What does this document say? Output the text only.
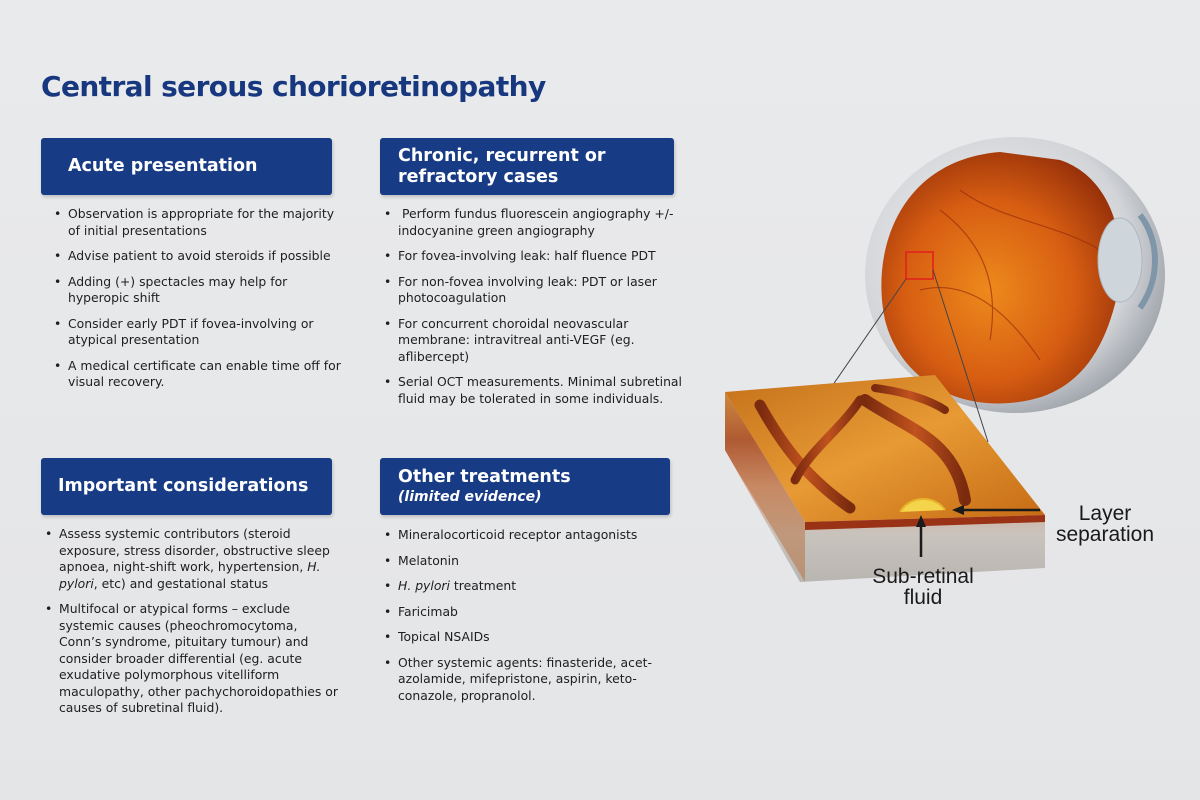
Central serous chorioretinopathy
Acute presentation
• Observation is appropriate for the majority of initial presentations
• Advise patient to avoid steroids if possible
• Adding (+) spectacles may help for hyperopic shift
• Consider early PDT if fovea-involving or atypical presentation
• A medical certificate can enable time off for visual recovery.
Chronic, recurrent or
refractory cases
• Perform fundus fluorescein angiography +/- indocyanine green angiography
• For fovea-involving leak: half fluence PDT
• For non-fovea involving leak: PDT or laser photocoagulation
• For concurrent choroidal neovascular membrane: intravitreal anti-VEGF (eg. aflibercept)
• Serial OCT measurements. Minimal subretinal fluid may be tolerated in some individuals.
Important considerations
• Assess systemic contributors (steroid exposure, stress disorder, obstructive sleep apnoea, night-shift work, hypertension, H. pylori, etc) and gestational status
• Multifocal or atypical forms – exclude systemic causes (pheochromocytoma, Conn’s syndrome, pituitary tumour) and consider broader differential (eg. acute exudative polymorphous vitelliform maculopathy, other pachychoroidopathies or causes of subretinal fluid).
Other treatments
(limited evidence)
• Mineralocorticoid receptor antagonists
• Melatonin
• H. pylori treatment
• Faricimab
• Topical NSAIDs
• Other systemic agents: finasteride, acet-azolamide, mifepristone, aspirin, keto-conazole, propranolol.
Layer
separation
Sub-retinal
fluid
